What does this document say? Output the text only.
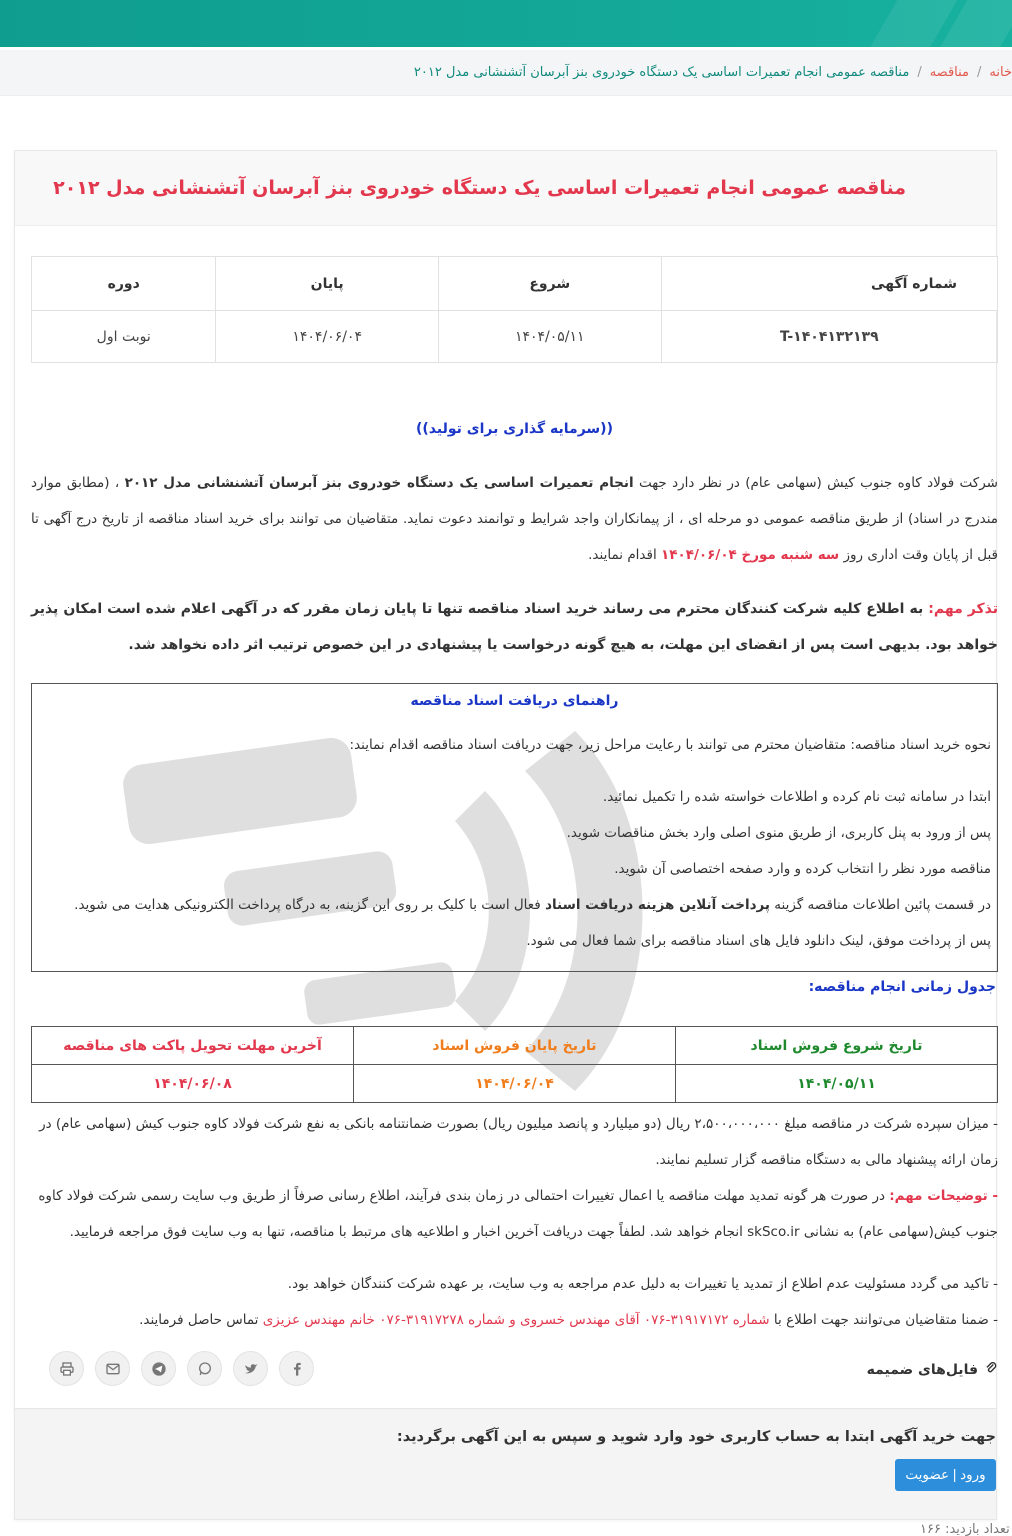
خانه
/
مناقصه
/
مناقصه عمومی انجام تعمیرات اساسی یک دستگاه خودروی بنز آبرسان آتشنشانی مدل ۲۰۱۲
مناقصه عمومی انجام تعمیرات اساسی یک دستگاه خودروی بنز آبرسان آتشنشانی مدل ۲۰۱۲
شماره آگهی	شروع	پایان	دوره
T-۱۴۰۴۱۳۲۱۳۹	۱۴۰۴/۰۵/۱۱	۱۴۰۴/۰۶/۰۴	نوبت اول
((سرمایه گذاری برای تولید))
شرکت فولاد کاوه جنوب کیش (سهامی عام) در نظر دارد جهت انجام تعمیرات اساسی یک دستگاه خودروی بنز آبرسان آتشنشانی مدل ۲۰۱۲ ، (مطابق موارد مندرج در اسناد) از طریق مناقصه عمومی دو مرحله ای ، از پیمانکاران واجد شرایط و توانمند دعوت نماید. متقاضیان می توانند برای خرید اسناد مناقصه از تاریخ درج آگهی تا قبل از پایان وقت اداری روز سه شنبه مورخ ۱۴۰۴/۰۶/۰۴ اقدام نمایند.
تذکر مهم: به اطلاع کلیه شرکت کنندگان محترم می رساند خرید اسناد مناقصه تنها تا پایان زمان مقرر که در آگهی اعلام شده است امکان پذیر خواهد بود. بدیهی است پس از انقضای این مهلت، به هیچ گونه درخواست یا پیشنهادی در این خصوص ترتیب اثر داده نخواهد شد.
راهنمای دریافت اسناد مناقصه
نحوه خرید اسناد مناقصه: متقاضیان محترم می توانند با رعایت مراحل زیر، جهت دریافت اسناد مناقصه اقدام نمایند:
ابتدا در سامانه ثبت نام کرده و اطلاعات خواسته شده را تکمیل نمائید.
پس از ورود به پنل کاربری، از طریق منوی اصلی وارد بخش مناقصات شوید.
مناقصه مورد نظر را انتخاب کرده و وارد صفحه اختصاصی آن شوید.
در قسمت پائین اطلاعات مناقصه گزینه پرداخت آنلاین هزینه دریافت اسناد فعال است با کلیک بر روی این گزینه، به درگاه پرداخت الکترونیکی هدایت می شوید.
پس از پرداخت موفق، لینک دانلود فایل های اسناد مناقصه برای شما فعال می شود.
جدول زمانی انجام مناقصه:
تاریخ شروع فروش اسناد	تاریخ پایان فروش اسناد	آخرین مهلت تحویل پاکت های مناقصه
۱۴۰۴/۰۵/۱۱	۱۴۰۴/۰۶/۰۴	۱۴۰۴/۰۶/۰۸
- میزان سپرده شرکت در مناقصه مبلغ ۲،۵۰۰،۰۰۰،۰۰۰ ریال (دو میلیارد و پانصد میلیون ریال) بصورت ضمانتنامه بانکی به نفع شرکت فولاد کاوه جنوب کیش (سهامی عام) در زمان ارائه پیشنهاد مالی به دستگاه مناقصه گزار تسلیم نمایند.
- توضیحات مهم: در صورت هر گونه تمدید مهلت مناقصه یا اعمال تغییرات احتمالی در زمان بندی فرآیند، اطلاع رسانی صرفاً از طریق وب سایت رسمی شرکت فولاد کاوه جنوب کیش(سهامی عام) به نشانی skSco.ir انجام خواهد شد. لطفاً جهت دریافت آخرین اخبار و اطلاعیه های مرتبط با مناقصه، تنها به وب سایت فوق مراجعه فرمایید.
- تاکید می گردد مسئولیت عدم اطلاع از تمدید یا تغییرات به دلیل عدم مراجعه به وب سایت، بر عهده شرکت کنندگان خواهد بود.
- ضمنا متقاضیان می‌توانند جهت اطلاع با شماره ۳۱۹۱۷۱۷۲-۰۷۶ آقای مهندس خسروی و شماره ۳۱۹۱۷۲۷۸-۰۷۶ خانم مهندس عزیزی تماس حاصل فرمایند.
فایل‌های ضمیمه

جهت خرید آگهی ابتدا به حساب کاربری خود وارد شوید و سپس به این آگهی برگردید:

ورود | عضویت
تعداد بازدید: ۱۶۶
